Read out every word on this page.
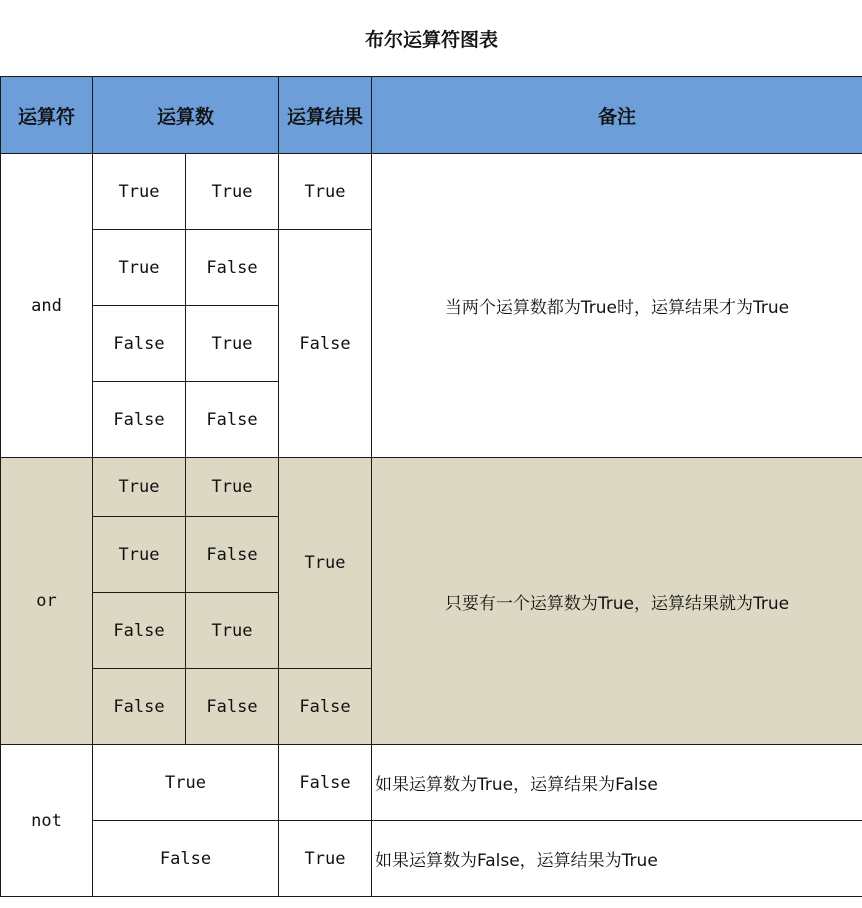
布尔运算符图表				
运算符	运算数		运算结果	备注
and	True	True	True	当两个运算数都为True时，运算结果才为True
	True	False	False	
	False	True		
	False	False		
or	True	True	True	只要有一个运算数为True，运算结果就为True
	True	False		
	False	True		
	False	False	False	
not	True		False	如果运算数为True，运算结果为False
	False		True	如果运算数为False，运算结果为True
